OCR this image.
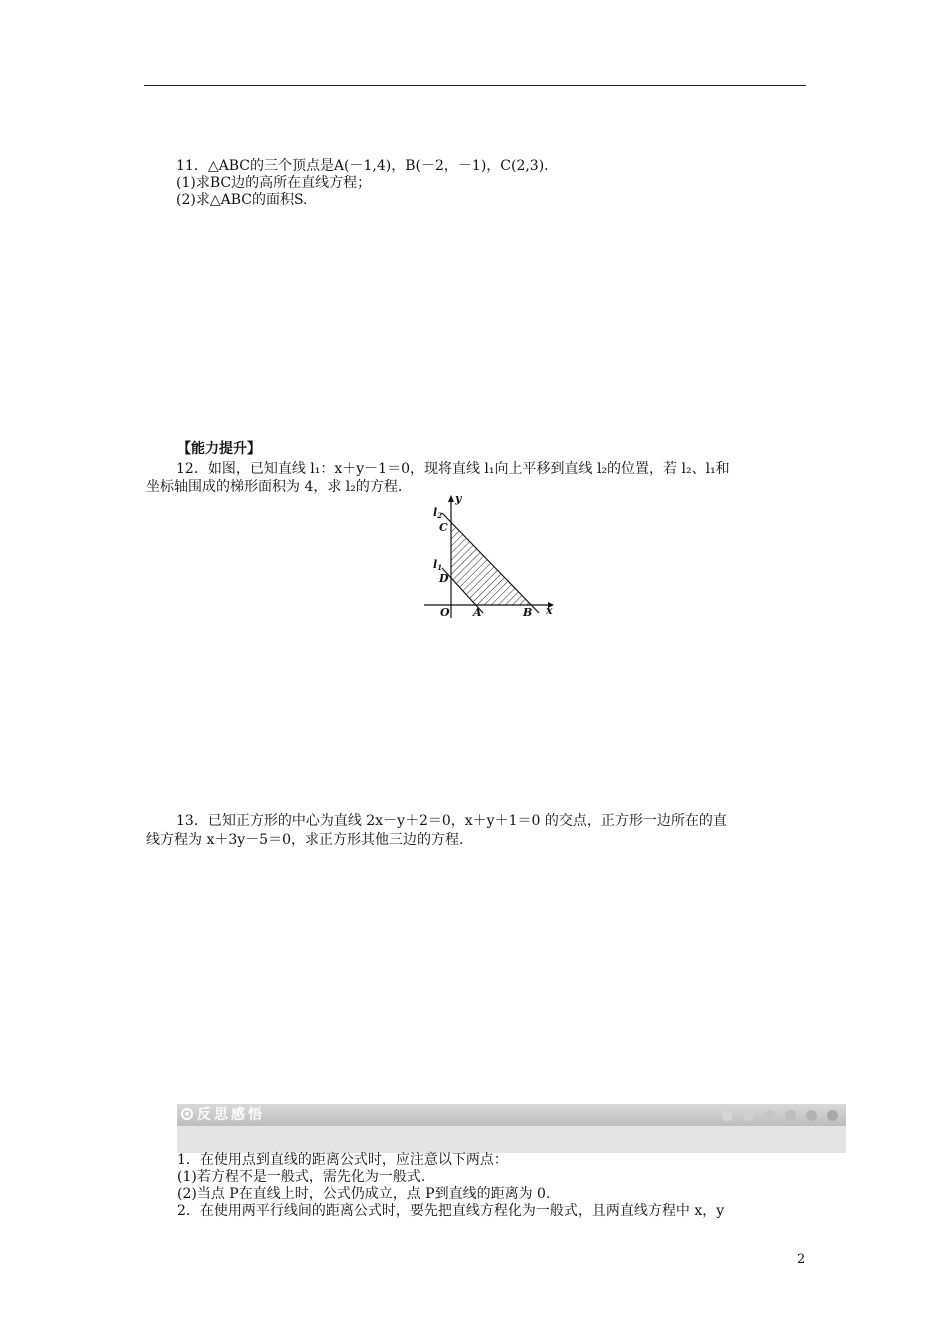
11．△ABC的三个顶点是A(－1,4)，B(－2，－1)，C(2,3)．
(1)求BC边的高所在直线方程；
(2)求△ABC的面积S.
【能力提升】
12．如图，已知直线 l₁：x＋y－1＝0，现将直线 l₁向上平移到直线 l₂的位置，若 l₂、l₁和
坐标轴围成的梯形面积为 4，求 l₂的方程.
y
x
O A	B
C
D
l2
l1
13．已知正方形的中心为直线 2x－y＋2＝0，x＋y＋1＝0 的交点，正方形一边所在的直
线方程为 x＋3y－5＝0，求正方形其他三边的方程.
反思感悟
1．在使用点到直线的距离公式时，应注意以下两点：
(1)若方程不是一般式，需先化为一般式.
(2)当点 P在直线上时，公式仍成立，点 P到直线的距离为 0.
2．在使用两平行线间的距离公式时，要先把直线方程化为一般式，且两直线方程中 x，y
2
